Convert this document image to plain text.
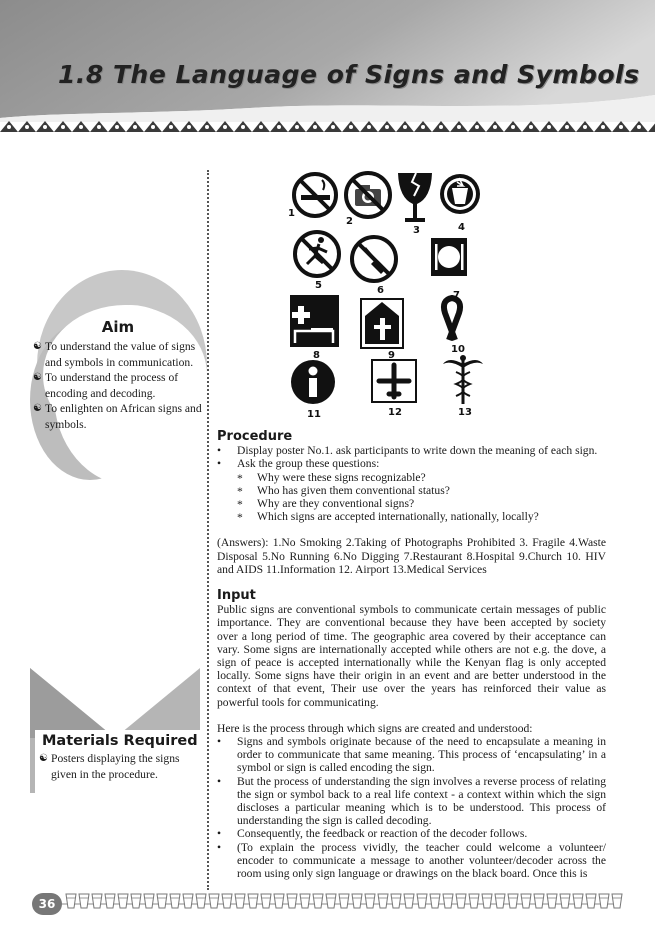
1.8 The Language of Signs and Symbols
Aim

☯ To understand the value of signs and symbols in communication.

☯ To understand the process of encoding and decoding.

☯ To enlighten on African signs and symbols.

Materials Required

☯ Posters displaying the signs given in the procedure.

1
2
3	4
5	6	7
8	9
10
11	12	13
Procedure

• Display poster No.1. ask participants to write down the meaning of each sign.

• Ask the group these questions:

* Why were these signs recognizable?

* Who has given them conventional status?

* Why are they conventional signs?

* Which signs are accepted internationally, nationally, locally?

(Answers): 1.No Smoking 2.Taking of Photographs Prohibited 3. Fragile 4.Waste Disposal 5.No Running 6.No Digging 7.Restaurant 8.Hospital 9.Church 10. HIV and AIDS 11.Information 12. Airport 13.Medical Services

Input

Public signs are conventional symbols to communicate certain messages of public importance. They are conventional because they have been accepted by society over a long period of time. The geographic area covered by their acceptance can vary. Some signs are internationally accepted while others are not e.g. the dove, a sign of peace is accepted internationally while the Kenyan flag is only accepted locally. Some signs have their origin in an event and are better understood in the context of that event, Their use over the years has reinforced their value as powerful tools for communicating.

Here is the process through which signs are created and understood:

• Signs and symbols originate because of the need to encapsulate a meaning in order to communicate that same meaning. This process of ‘encapsulating’ in a symbol or sign is called encoding the sign.

• But the process of understanding the sign involves a reverse process of relating the sign or symbol back to a real life context - a context within which the sign discloses a particular meaning which is to be understood. This process of understanding the sign is called decoding.

• Consequently, the feedback or reaction of the decoder follows.

• (To explain the process vividly, the teacher could welcome a volunteer/ encoder to communicate a message to another volunteer/decoder across the room using only sign language or drawings on the black board. Once this is

36
